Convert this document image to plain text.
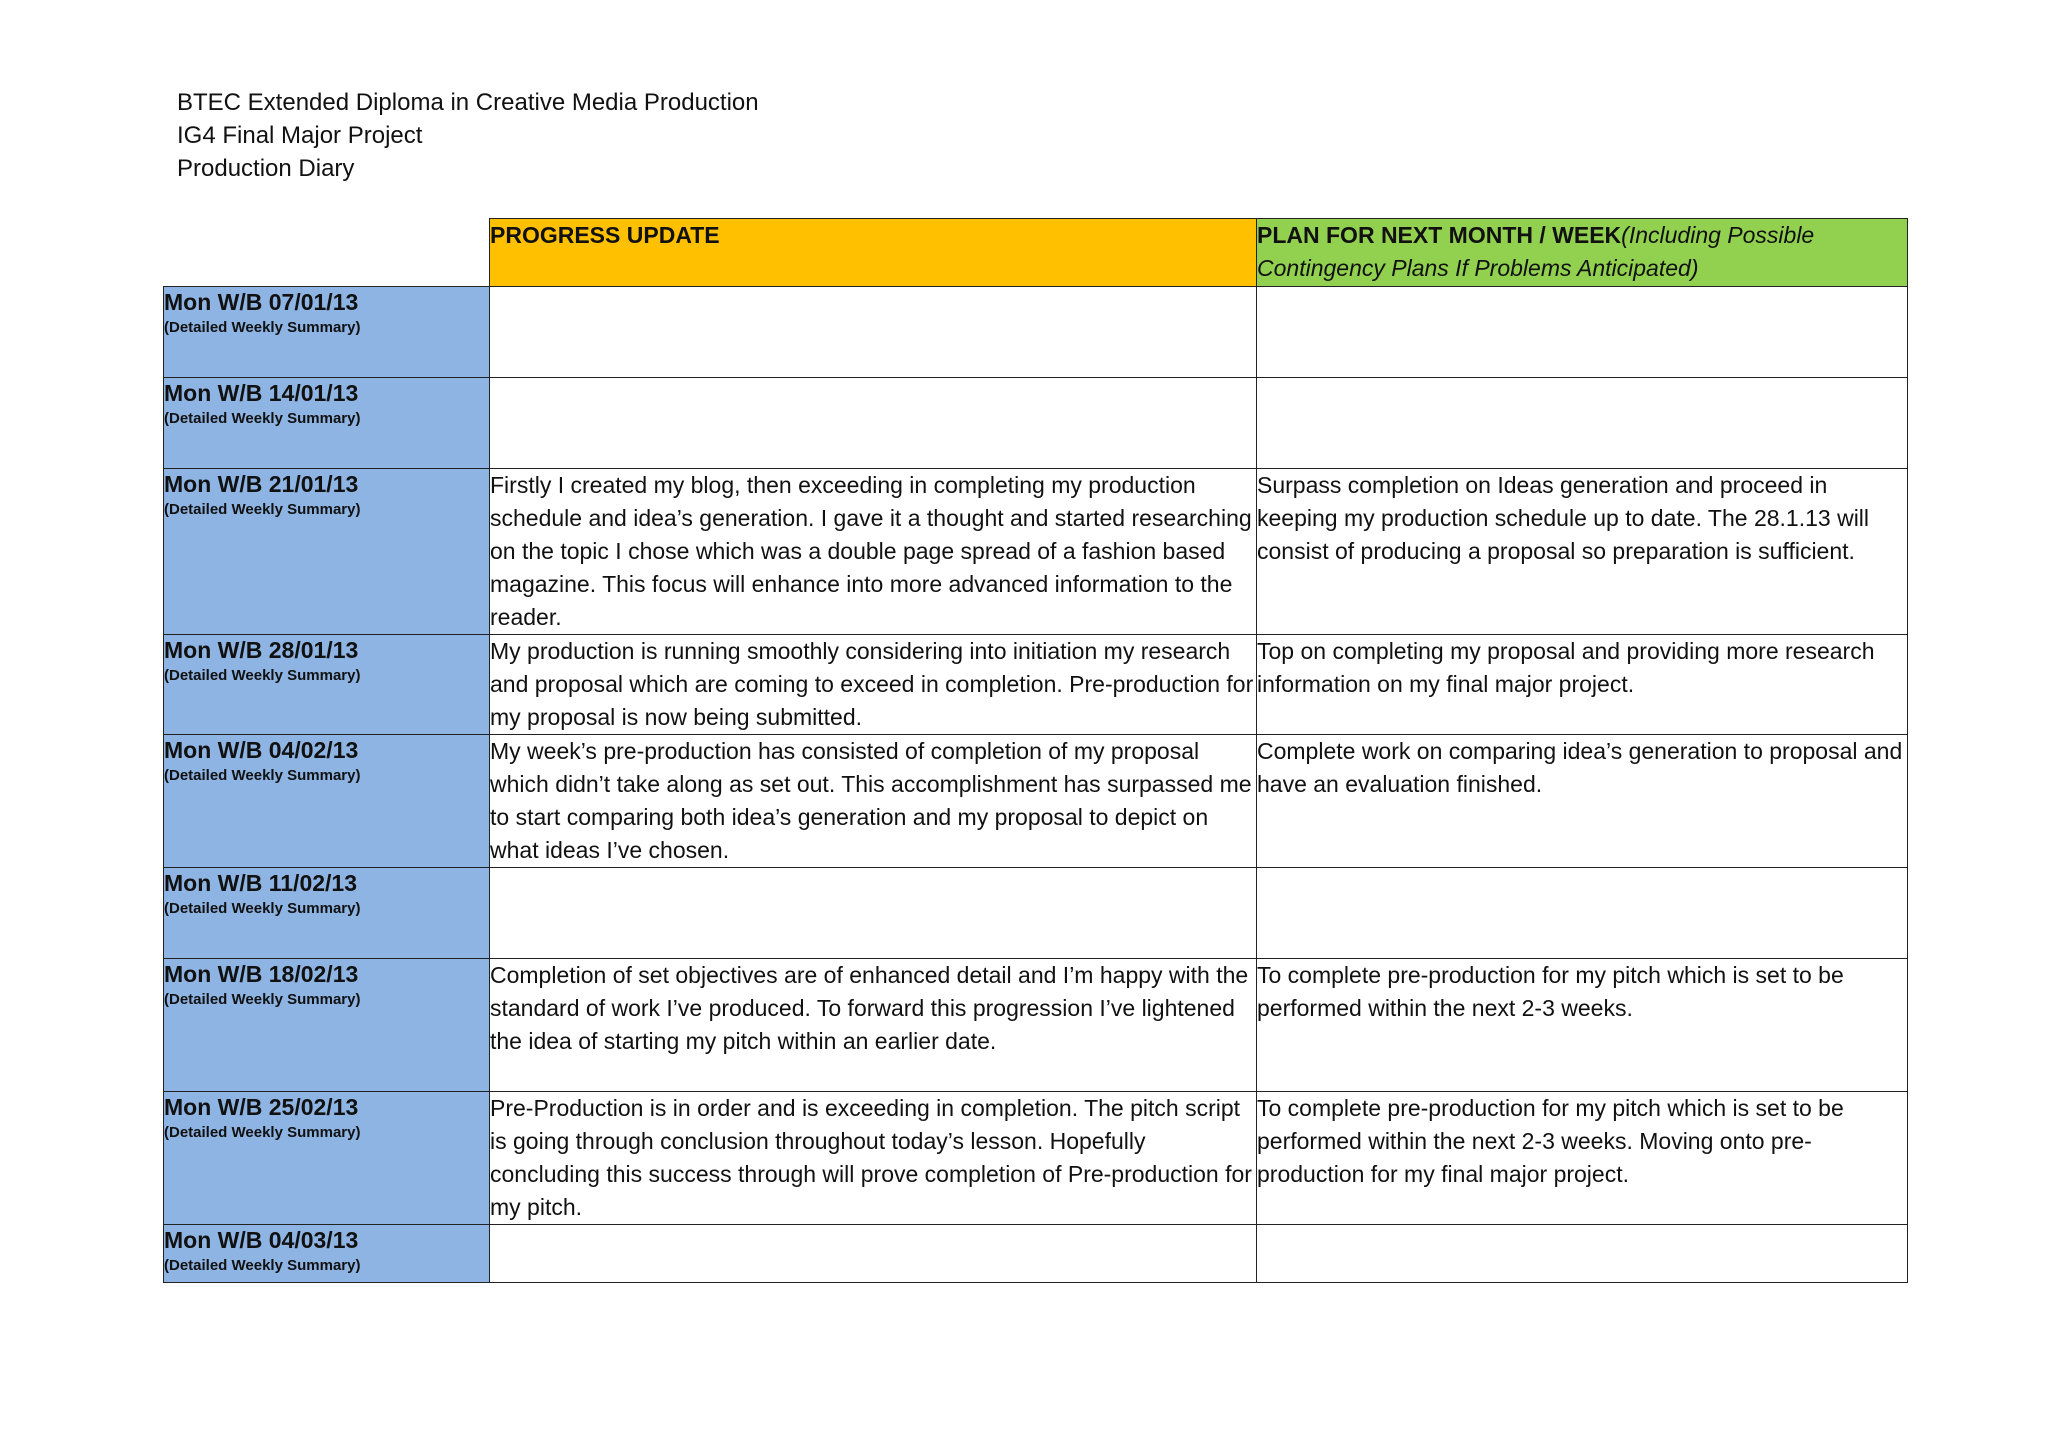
BTEC Extended Diploma in Creative Media Production
IG4 Final Major Project
Production Diary
	PROGRESS UPDATE	PLAN FOR NEXT MONTH / WEEK(Including Possible Contingency Plans If Problems Anticipated)

Mon W/B 07/01/13
(Detailed Weekly Summary)		

Mon W/B 14/01/13
(Detailed Weekly Summary)		

Mon W/B 21/01/13
(Detailed Weekly Summary)	Firstly I created my blog, then exceeding in completing my production schedule and idea’s generation. I gave it a thought and started researching on the topic I chose which was a double page spread of a fashion based magazine. This focus will enhance into more advanced information to the reader.	Surpass completion on Ideas generation and proceed in keeping my production schedule up to date. The 28.1.13 will consist of producing a proposal so preparation is sufficient.

Mon W/B 28/01/13
(Detailed Weekly Summary)	My production is running smoothly considering into initiation my research and proposal which are coming to exceed in completion. Pre-production for my proposal is now being submitted.	Top on completing my proposal and providing more research information on my final major project.

Mon W/B 04/02/13
(Detailed Weekly Summary)	My week’s pre-production has consisted of completion of my proposal which didn’t take along as set out. This accomplishment has surpassed me to start comparing both idea’s generation and my proposal to depict on what ideas I’ve chosen.	Complete work on comparing idea’s generation to proposal and have an evaluation finished.

Mon W/B 11/02/13
(Detailed Weekly Summary)		

Mon W/B 18/02/13
(Detailed Weekly Summary)	Completion of set objectives are of enhanced detail and I’m happy with the standard of work I’ve produced. To forward this progression I’ve lightened the idea of starting my pitch within an earlier date.	To complete pre-production for my pitch which is set to be performed within the next 2-3 weeks.

Mon W/B 25/02/13
(Detailed Weekly Summary)	Pre-Production is in order and is exceeding in completion. The pitch script is going through conclusion throughout today’s lesson. Hopefully concluding this success through will prove completion of Pre-production for my pitch.	To complete pre-production for my pitch which is set to be performed within the next 2-3 weeks. Moving onto pre-production for my final major project.

Mon W/B 04/03/13
(Detailed Weekly Summary)		
